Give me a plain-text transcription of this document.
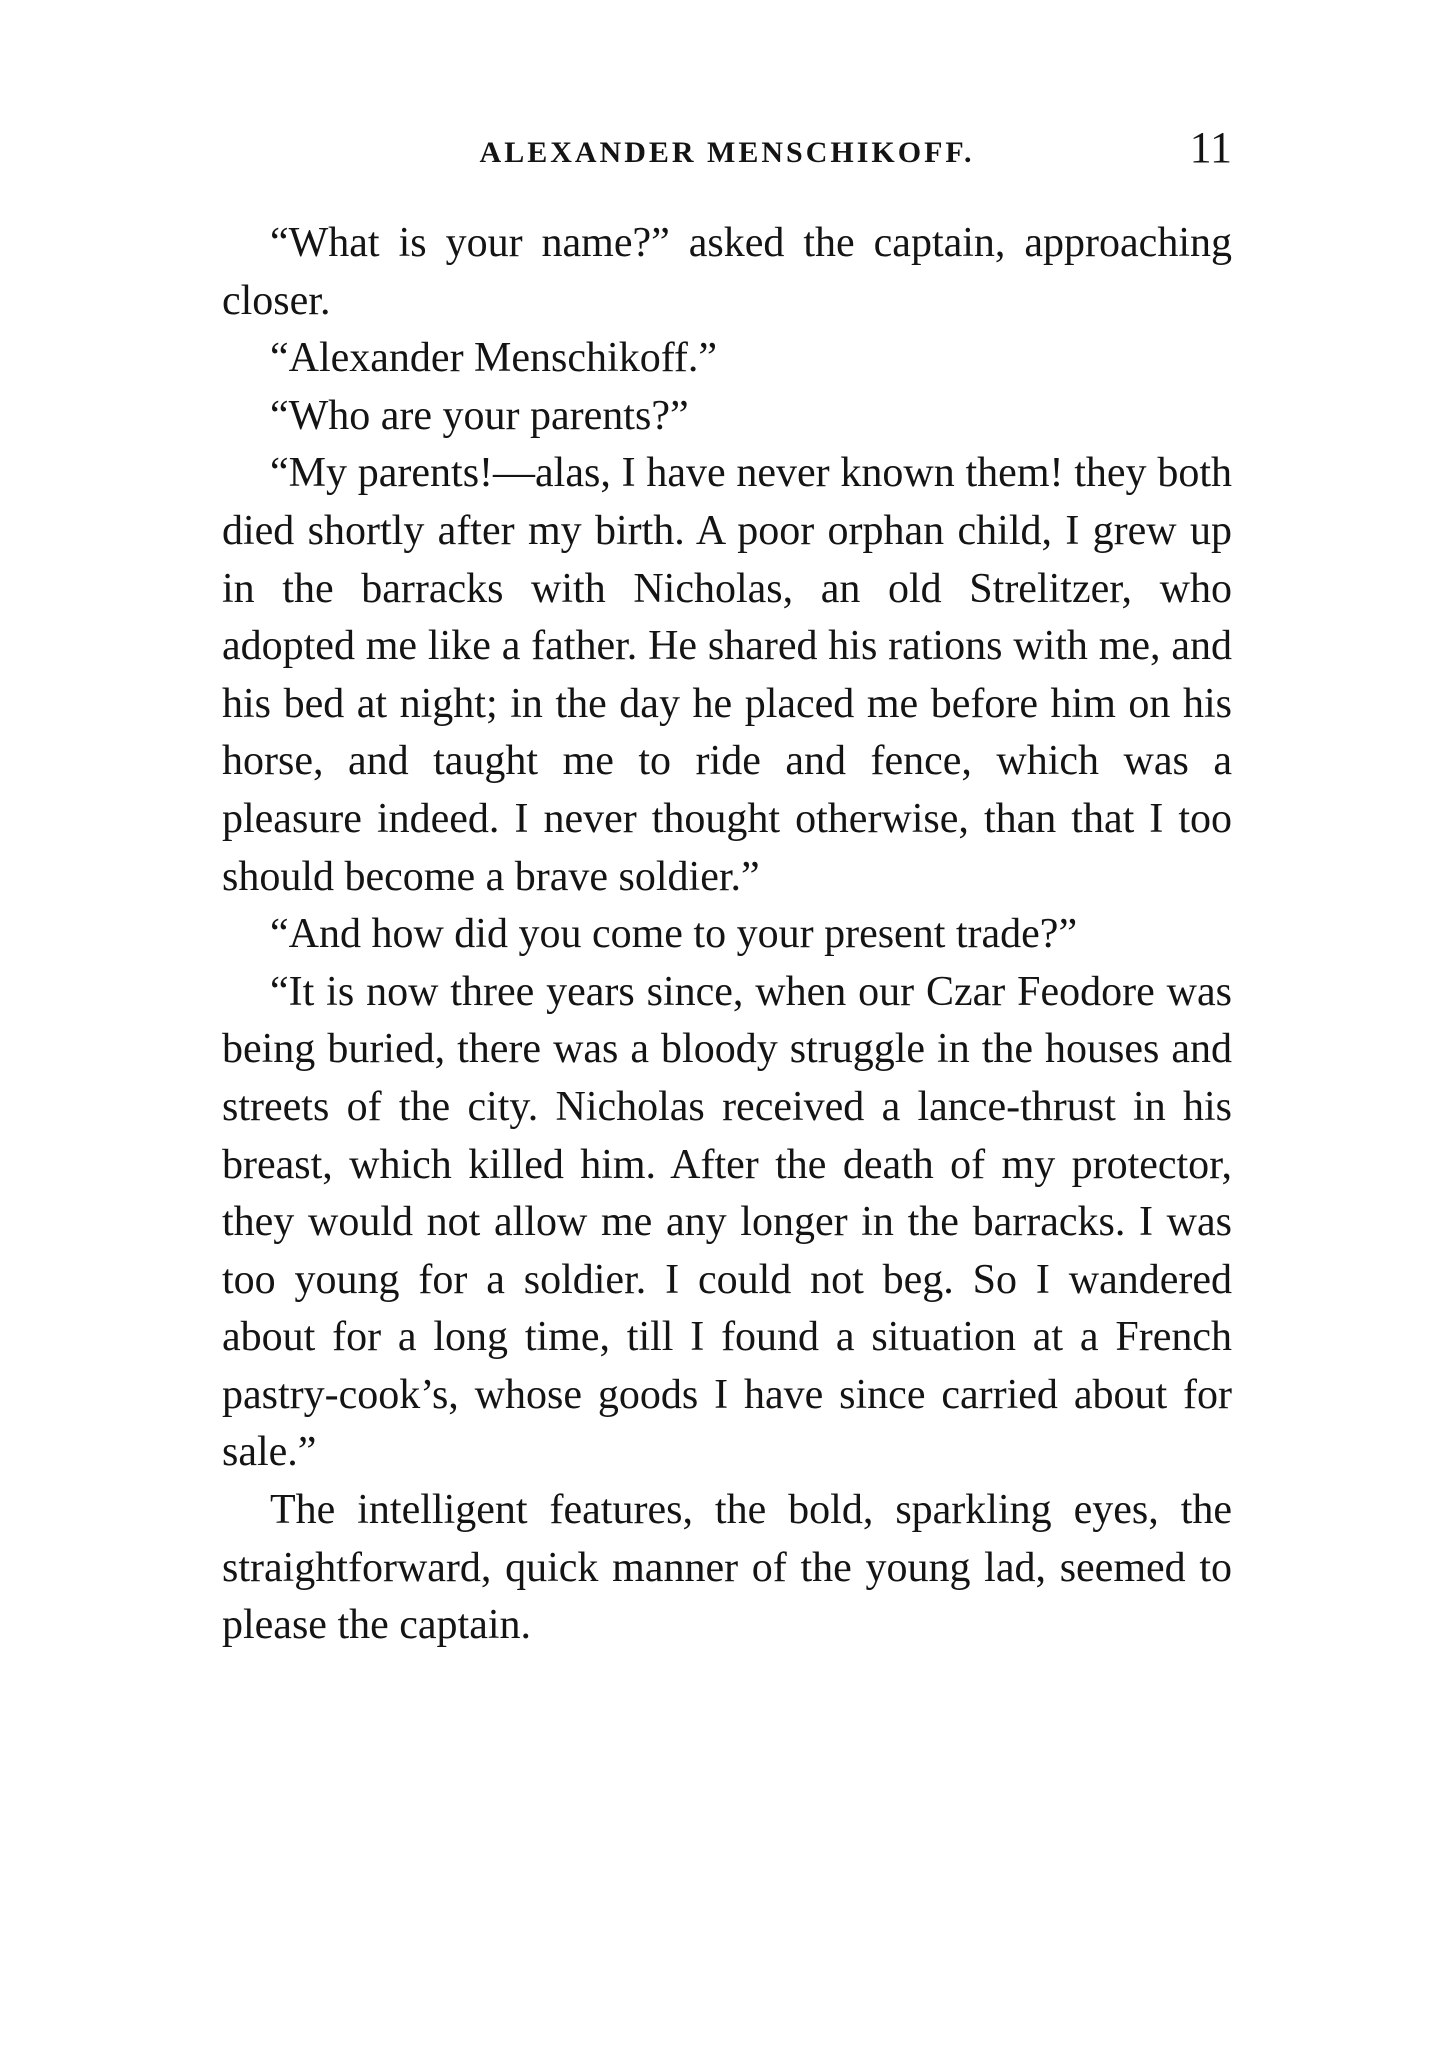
ALEXANDER MENSCHIKOFF.	11

“What is your name?” asked the captain, approaching closer.

“Alexander Menschikoff.”

“Who are your parents?”

“My parents!—alas, I have never known them! they both died shortly after my birth. A poor orphan child, I grew up in the barracks with Nicholas, an old Strelitzer, who adopted me like a father. He shared his rations with me, and his bed at night; in the day he placed me before him on his horse, and taught me to ride and fence, which was a pleasure indeed. I never thought otherwise, than that I too should become a brave soldier.”

“And how did you come to your present trade?”

“It is now three years since, when our Czar Feodore was being buried, there was a bloody struggle in the houses and streets of the city. Nicholas received a lance-thrust in his breast, which killed him. After the death of my protector, they would not allow me any longer in the barracks. I was too young for a soldier. I could not beg. So I wandered about for a long time, till I found a situation at a French pastry-cook’s, whose goods I have since carried about for sale.”

The intelligent features, the bold, sparkling eyes, the straightforward, quick manner of the young lad, seemed to please the captain.
